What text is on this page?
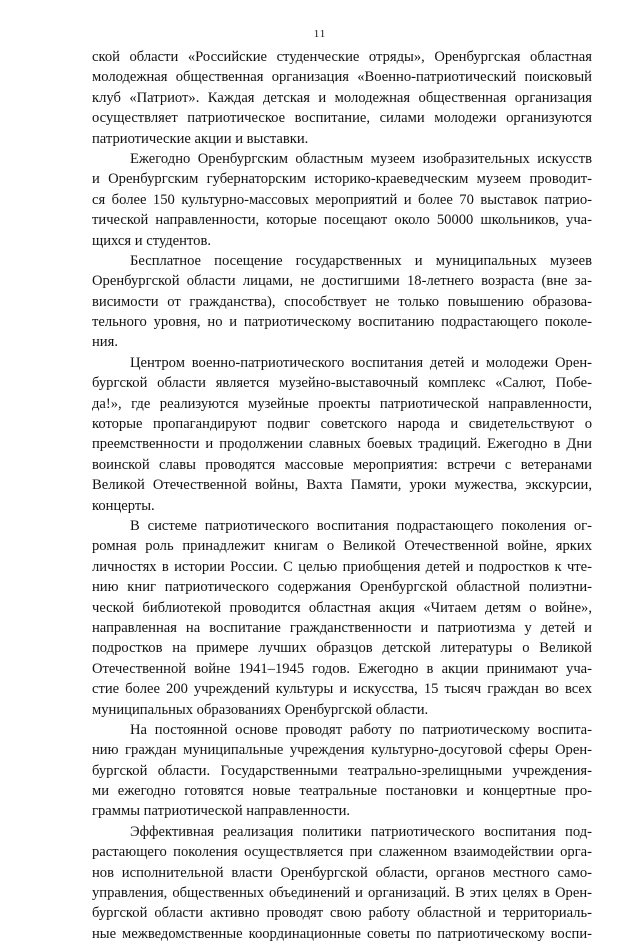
11
ской области «Российские студенческие отряды», Оренбургская областная
молодежная общественная организация «Военно-патриотический поисковый
клуб «Патриот». Каждая детская и молодежная общественная организация
осуществляет патриотическое воспитание, силами молодежи организуются
патриотические акции и выставки.
Ежегодно Оренбургским областным музеем изобразительных искусств
и Оренбургским губернаторским историко-краеведческим музеем проводит-
ся более 150 культурно-массовых мероприятий и более 70 выставок патрио-
тической направленности, которые посещают около 50000 школьников, уча-
щихся и студентов.
Бесплатное посещение государственных и муниципальных музеев
Оренбургской области лицами, не достигшими 18-летнего возраста (вне за-
висимости от гражданства), способствует не только повышению образова-
тельного уровня, но и патриотическому воспитанию подрастающего поколе-
ния.
Центром военно-патриотического воспитания детей и молодежи Орен-
бургской области является музейно-выставочный комплекс «Салют, Побе-
да!», где реализуются музейные проекты патриотической направленности,
которые пропагандируют подвиг советского народа и свидетельствуют о
преемственности и продолжении славных боевых традиций. Ежегодно в Дни
воинской славы проводятся массовые мероприятия: встречи с ветеранами
Великой Отечественной войны, Вахта Памяти, уроки мужества, экскурсии,
концерты.
В системе патриотического воспитания подрастающего поколения ог-
ромная роль принадлежит книгам о Великой Отечественной войне, ярких
личностях в истории России. С целью приобщения детей и подростков к чте-
нию книг патриотического содержания Оренбургской областной полиэтни-
ческой библиотекой проводится областная акция «Читаем детям о войне»,
направленная на воспитание гражданственности и патриотизма у детей и
подростков на примере лучших образцов детской литературы о Великой
Отечественной войне 1941–1945 годов. Ежегодно в акции принимают уча-
стие более 200 учреждений культуры и искусства, 15 тысяч граждан во всех
муниципальных образованиях Оренбургской области.
На постоянной основе проводят работу по патриотическому воспита-
нию граждан муниципальные учреждения культурно-досуговой сферы Орен-
бургской области. Государственными театрально-зрелищными учреждения-
ми ежегодно готовятся новые театральные постановки и концертные про-
граммы патриотической направленности.
Эффективная реализация политики патриотического воспитания под-
растающего поколения осуществляется при слаженном взаимодействии орга-
нов исполнительной власти Оренбургской области, органов местного само-
управления, общественных объединений и организаций. В этих целях в Орен-
бургской области активно проводят свою работу областной и территориаль-
ные межведомственные координационные советы по патриотическому воспи-
